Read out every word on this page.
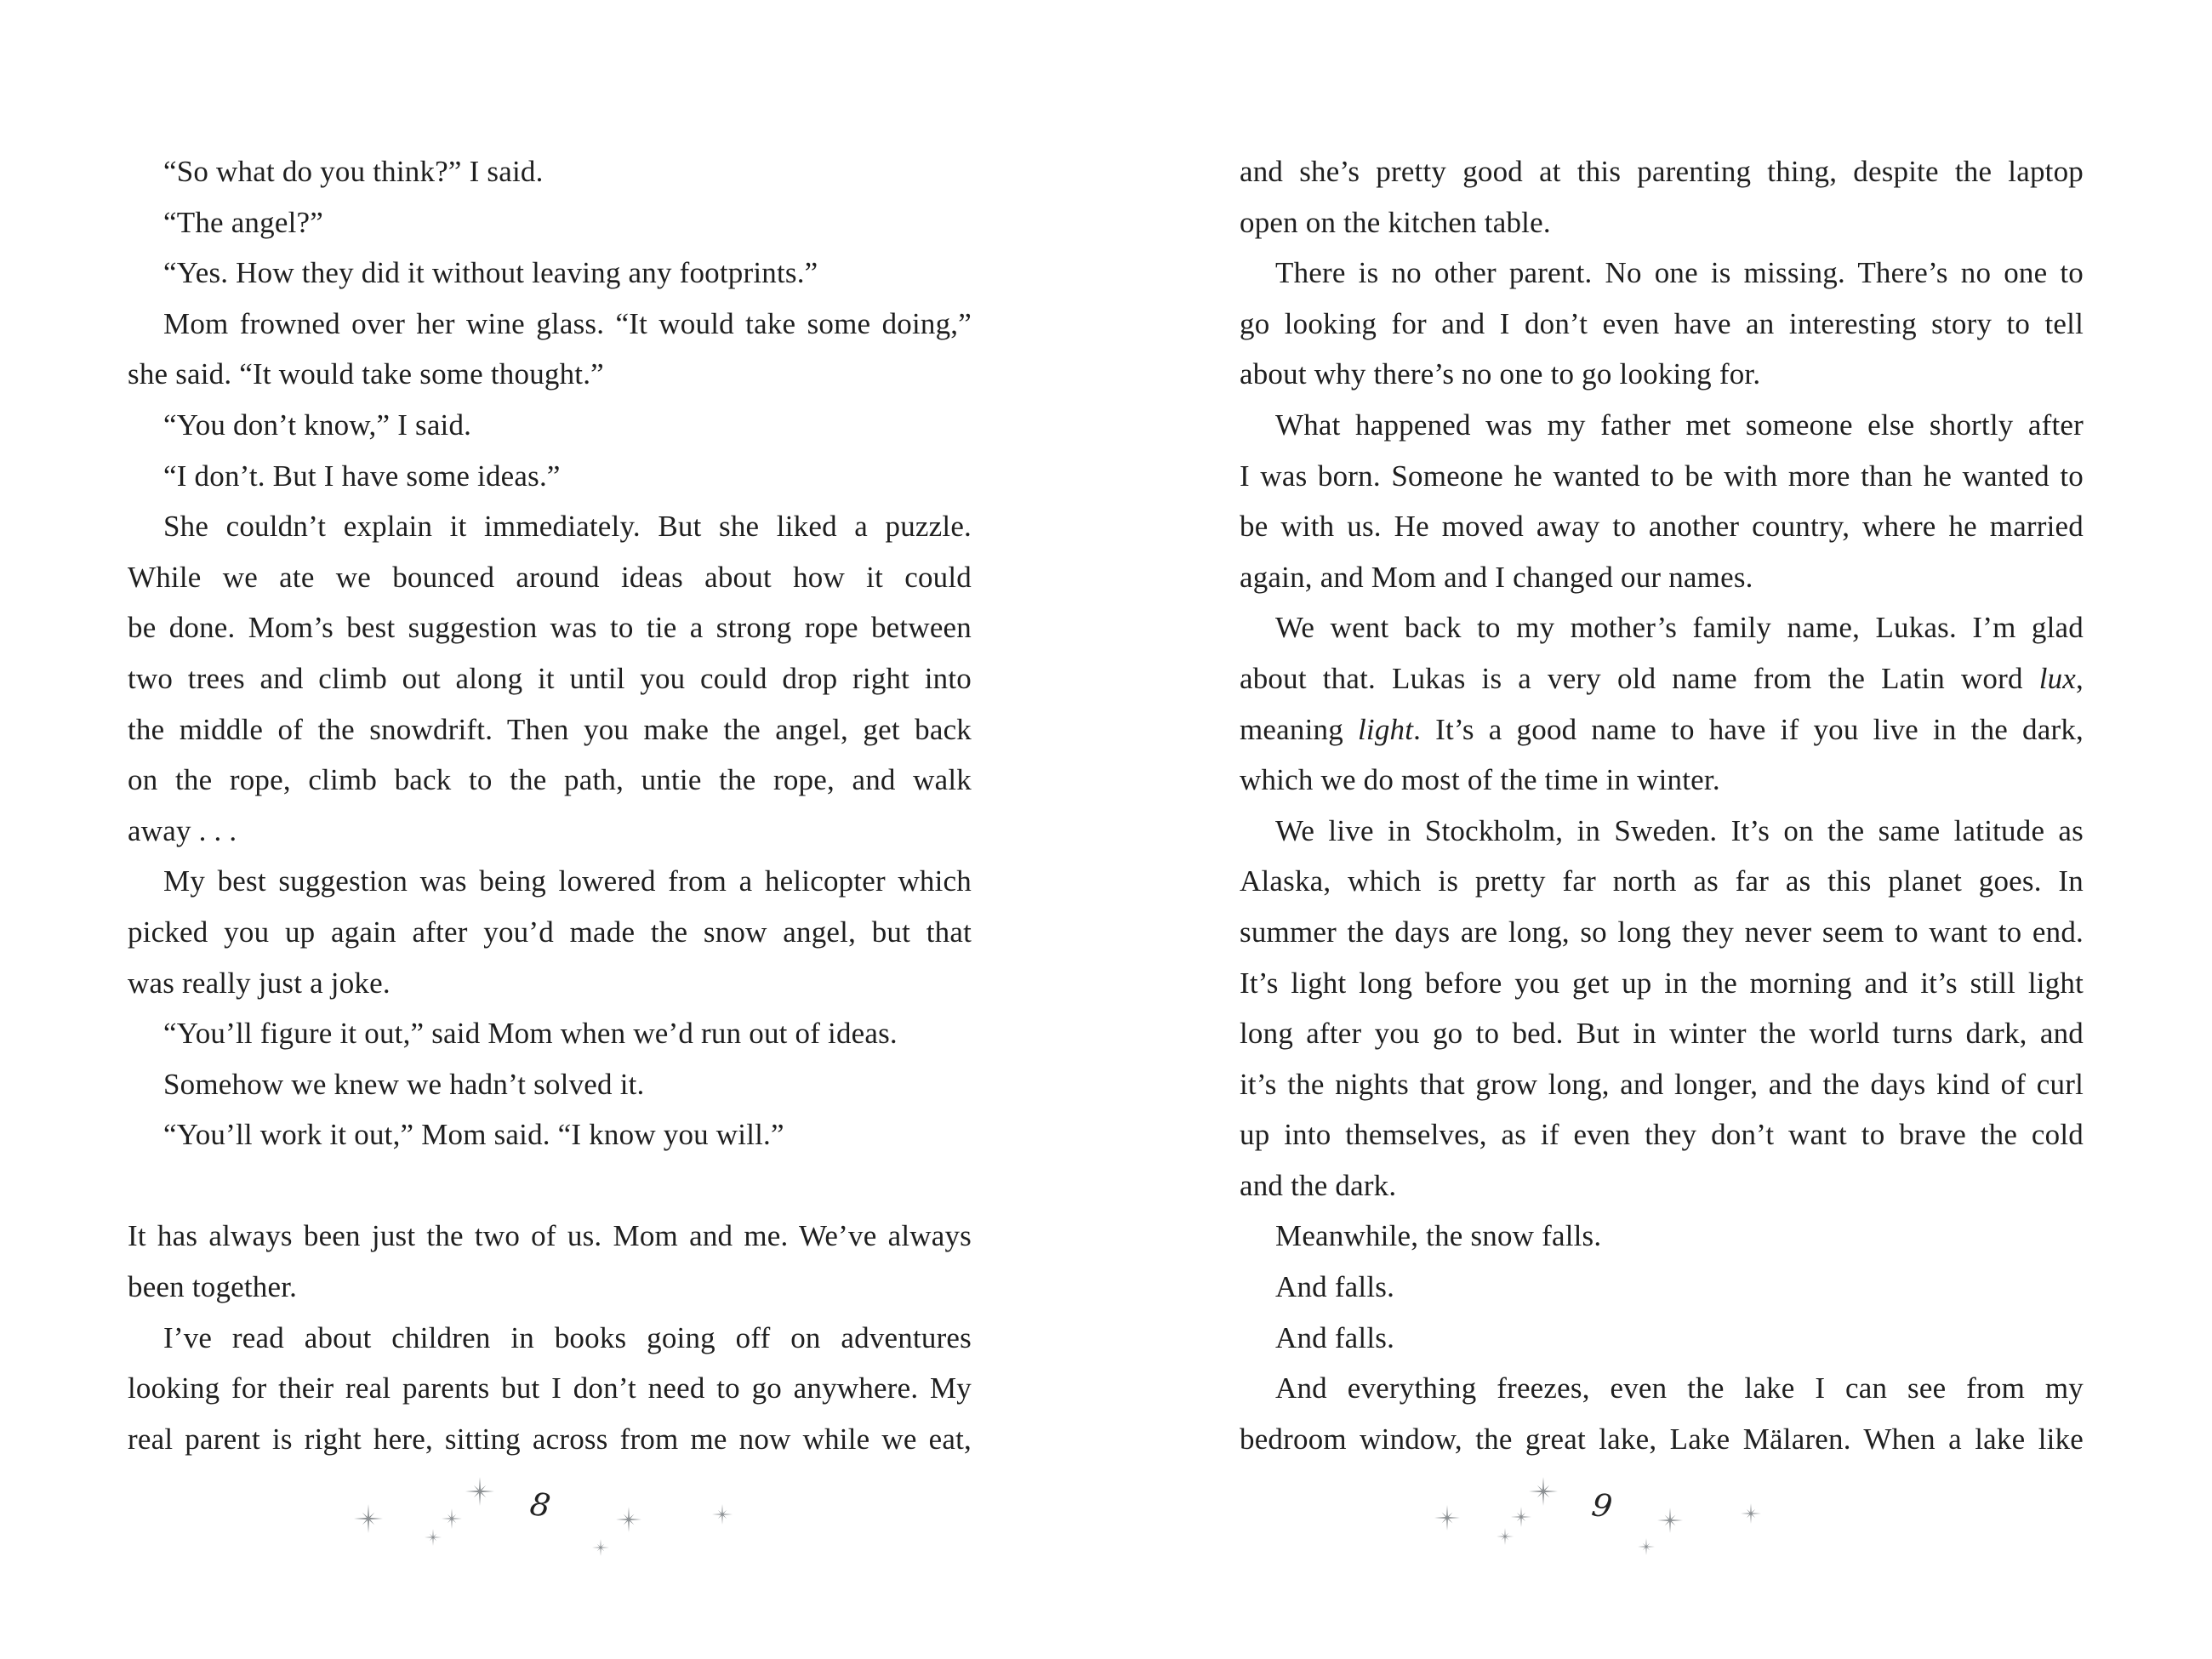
“So what do you think?” I said.
“The angel?”
“Yes. How they did it without leaving any footprints.”
Mom frowned over her wine glass. “It would take some doing,”
she said. “It would take some thought.”
“You don’t know,” I said.
“I don’t. But I have some ideas.”
She couldn’t explain it immediately. But she liked a puzzle.
While we ate we bounced around ideas about how it could
be done. Mom’s best suggestion was to tie a strong rope between
two trees and climb out along it until you could drop right into
the middle of the snowdrift. Then you make the angel, get back
on the rope, climb back to the path, untie the rope, and walk
away . . .
My best suggestion was being lowered from a helicopter which
picked you up again after you’d made the snow angel, but that
was really just a joke.
“You’ll figure it out,” said Mom when we’d run out of ideas.
Somehow we knew we hadn’t solved it.
“You’ll work it out,” Mom said. “I know you will.”

It has always been just the two of us. Mom and me. We’ve always
been together.
I’ve read about children in books going off on adventures
looking for their real parents but I don’t need to go anywhere. My
real parent is right here, sitting across from me now while we eat,
and she’s pretty good at this parenting thing, despite the laptop
open on the kitchen table.
There is no other parent. No one is missing. There’s no one to
go looking for and I don’t even have an interesting story to tell
about why there’s no one to go looking for.
What happened was my father met someone else shortly after
I was born. Someone he wanted to be with more than he wanted to
be with us. He moved away to another country, where he married
again, and Mom and I changed our names.
We went back to my mother’s family name, Lukas. I’m glad
about that. Lukas is a very old name from the Latin word lux,
meaning light. It’s a good name to have if you live in the dark,
which we do most of the time in winter.
We live in Stockholm, in Sweden. It’s on the same latitude as
Alaska, which is pretty far north as far as this planet goes. In
summer the days are long, so long they never seem to want to end.
It’s light long before you get up in the morning and it’s still light
long after you go to bed. But in winter the world turns dark, and
it’s the nights that grow long, and longer, and the days kind of curl
up into themselves, as if even they don’t want to brave the cold
and the dark.
Meanwhile, the snow falls.
And falls.
And falls.
And everything freezes, even the lake I can see from my
bedroom window, the great lake, Lake Mälaren. When a lake like
8	9
